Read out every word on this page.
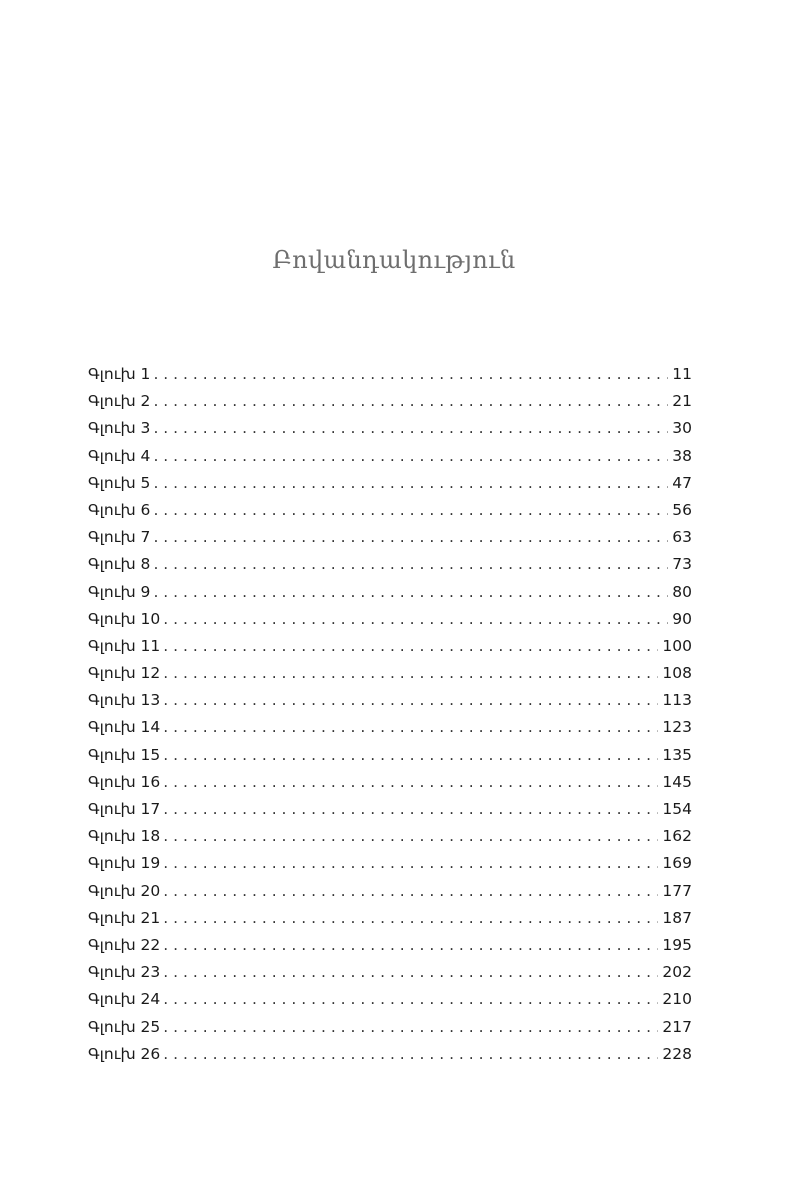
Բովանդակություն
Գլուխ 1 . . .	11
Գլուխ 2 . . .	21
Գլուխ 3 . . .	30
Գլուխ 4 . . .	38
Գլուխ 5 . . .	47
Գլուխ 6 . . .	56
Գլուխ 7 . . .	63
Գլուխ 8 . . .	73
Գլուխ 9 . . .	80
Գլուխ 10 . . .	90
Գլուխ 11 . . .	100
Գլուխ 12 . . .	108
Գլուխ 13 . . .	113
Գլուխ 14 . . .	123
Գլուխ 15 . . .	135
Գլուխ 16 . . .	145
Գլուխ 17 . . .	154
Գլուխ 18 . . .	162
Գլուխ 19 . . .	169
Գլուխ 20 . . .	177
Գլուխ 21 . . .	187
Գլուխ 22 . . .	195
Գլուխ 23 . . .	202
Գլուխ 24 . . .	210
Գլուխ 25 . . .	217
Գլուխ 26 . . .	228
